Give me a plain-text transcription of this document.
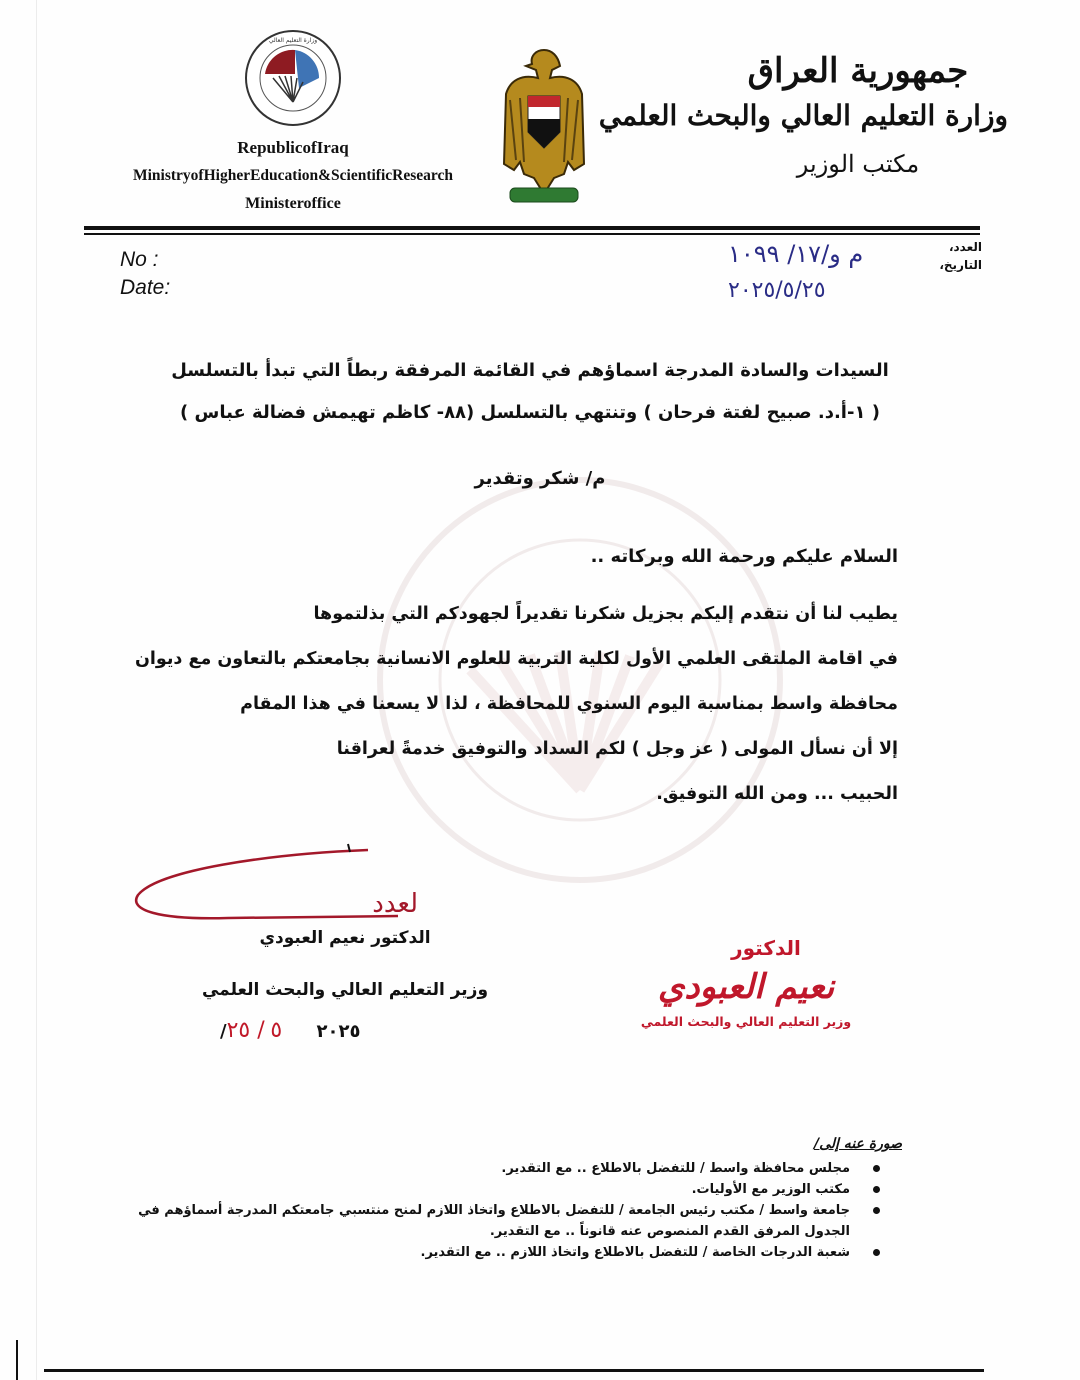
جمهورية العراق
وزارة التعليم العالي والبحث العلمي
مكتب الوزير
وزارة التعليم العالي
RepublicofIraq
MinistryofHigherEducation&ScientificResearch
Ministeroffice
No :
Date:
العدد،
التاريخ،
م و/١٧/ ١٠٩٩
٢٠٢٥/٥/٢٥
السيدات والسادة المدرجة اسماؤهم في القائمة المرفقة ربطاً التي تبدأ بالتسلسل
( ١-أ.د. صبيح لفتة فرحان ) وتنتهي بالتسلسل (٨٨- كاظم تهيمش فضالة عباس )
م/ شكر وتقدير
السلام عليكم ورحمة الله وبركاته ..

يطيب لنا أن نتقدم إليكم بجزيل شكرنا تقديراً لجهودكم التي بذلتموها

في اقامة الملتقى العلمي الأول لكلية التربية للعلوم الانسانية بجامعتكم بالتعاون مع ديوان

محافظة واسط بمناسبة اليوم السنوي للمحافظة ، لذا لا يسعنا في هذا المقام

إلا أن نسأل المولى ( عز وجل ) لكم السداد والتوفيق خدمةً لعراقنا

الحبيب ... ومن الله التوفيق.

لعدد
الدكتور نعيم العبودي
وزير التعليم العالي والبحث العلمي
/٢٠٢٥      ٥ / ٢٥
الدكتور
نعيم العبودي
وزير التعليم العالي والبحث العلمي
صورة عنه إلى/
مجلس محافظة واسط / للتفضل بالاطلاع .. مع التقدير.
مكتب الوزير مع الأوليات.
جامعة واسط / مكتب رئيس الجامعة / للتفضل بالاطلاع واتخاذ اللازم لمنح منتسبي جامعتكم المدرجة أسماؤهم في الجدول المرفق القدم المنصوص عنه قانوناً .. مع التقدير.
شعبة الدرجات الخاصة / للتفضل بالاطلاع واتخاذ اللازم .. مع التقدير.
